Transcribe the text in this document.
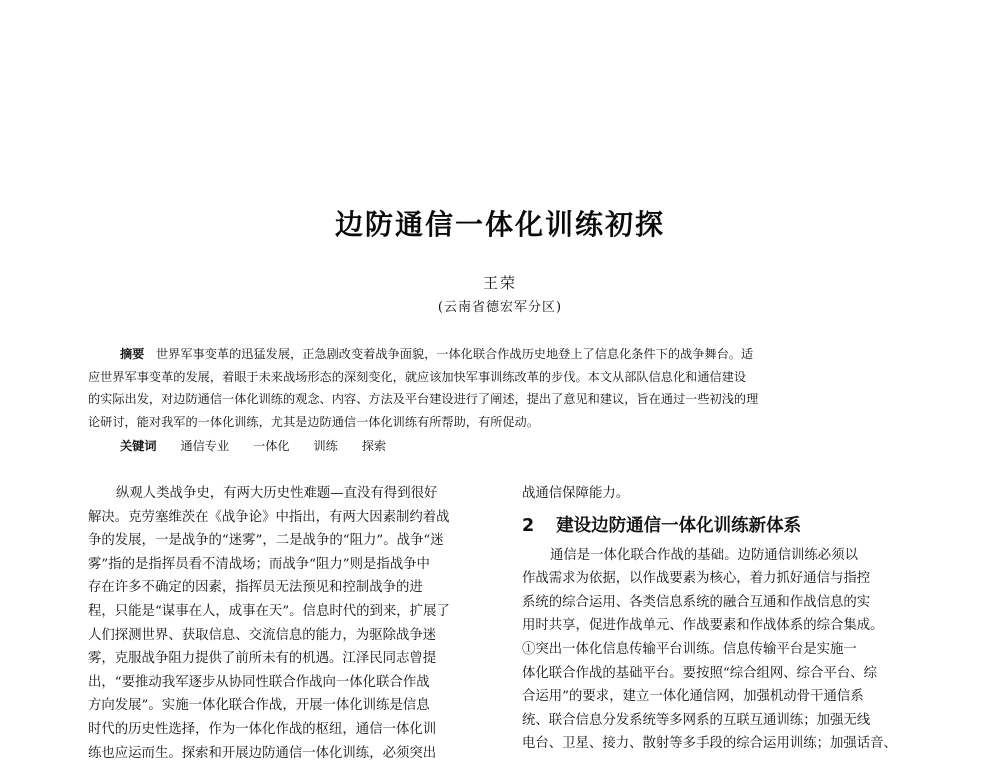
边防通信一体化训练初探
王荣
(云南省德宏军分区)
摘要 世界军事变革的迅猛发展，正急剧改变着战争面貌，一体化联合作战历史地登上了信息化条件下的战争舞台。适
应世界军事变革的发展，着眼于未来战场形态的深刻变化，就应该加快军事训练改革的步伐。本文从部队信息化和通信建设
的实际出发，对边防通信一体化训练的观念、内容、方法及平台建设进行了阐述，提出了意见和建议，旨在通过一些初浅的理
论研讨，能对我军的一体化训练，尤其是边防通信一体化训练有所帮助，有所促动。
关键词 通信专业 一体化 训练 探索
纵观人类战争史，有两大历史性难题—直没有得到很好
解决。克劳塞维茨在《战争论》中指出，有两大因素制约着战
争的发展，一是战争的“迷雾”，二是战争的“阻力”。战争“迷
雾”指的是指挥员看不清战场；而战争“阻力”则是指战争中
存在许多不确定的因素，指挥员无法预见和控制战争的进
程，只能是“谋事在人，成事在天”。信息时代的到来，扩展了
人们探测世界、获取信息、交流信息的能力，为驱除战争迷
雾，克服战争阻力提供了前所未有的机遇。江泽民同志曾提
出，“要推动我军逐步从协同性联合作战向一体化联合作战
方向发展”。实施一体化联合作战，开展一体化训练是信息
时代的历史性选择，作为一体化作战的枢纽，通信一体化训
练也应运而生。探索和开展边防通信一体化训练，必须突出
战通信保障能力。
2 建设边防通信一体化训练新体系
通信是一体化联合作战的基础。边防通信训练必须以
作战需求为依据，以作战要素为核心，着力抓好通信与指控
系统的综合运用、各类信息系统的融合互通和作战信息的实
用时共享，促进作战单元、作战要素和作战体系的综合集成。
①突出一体化信息传输平台训练。信息传输平台是实施一
体化联合作战的基础平台。要按照“综合组网、综合平台、综
合运用”的要求，建立一体化通信网，加强机动骨干通信系
统、联合信息分发系统等多网系的互联互通训练；加强无线
电台、卫星、接力、散射等多手段的综合运用训练；加强话音、
